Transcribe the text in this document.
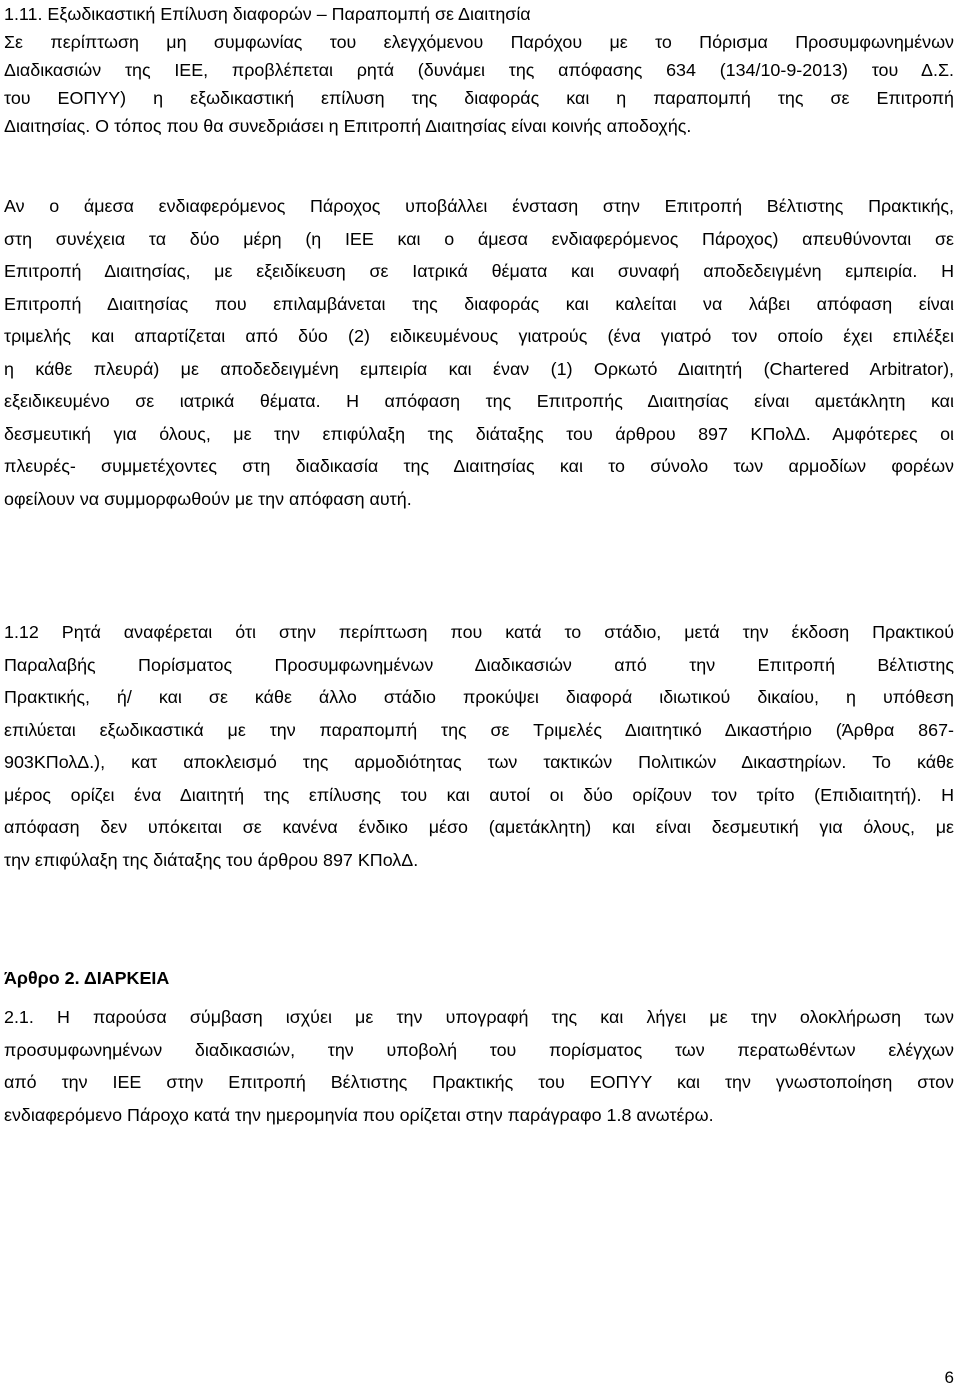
1.11. Εξωδικαστική Επίλυση διαφορών – Παραπομπή σε Διαιτησία
Σε περίπτωση μη συμφωνίας του ελεγχόμενου Παρόχου με το Πόρισμα Προσυμφωνημένων
Διαδικασιών της ΙΕΕ, προβλέπεται ρητά (δυνάμει της απόφασης 634 (134/10-9-2013) του Δ.Σ.
του ΕΟΠΥΥ) η εξωδικαστική επίλυση της διαφοράς και η παραπομπή της σε Επιτροπή
Διαιτησίας. Ο τόπος που θα συνεδριάσει η Επιτροπή Διαιτησίας είναι κοινής αποδοχής.
Αν ο άμεσα ενδιαφερόμενος Πάροχος υποβάλλει ένσταση στην Επιτροπή Βέλτιστης Πρακτικής,
στη συνέχεια τα δύο μέρη (η ΙΕΕ και ο άμεσα ενδιαφερόμενος Πάροχος) απευθύνονται σε
Επιτροπή Διαιτησίας, με εξειδίκευση σε Ιατρικά θέματα και συναφή αποδεδειγμένη εμπειρία. Η
Επιτροπή Διαιτησίας που επιλαμβάνεται της διαφοράς και καλείται να λάβει απόφαση είναι
τριμελής και απαρτίζεται από δύο (2) ειδικευμένους γιατρούς (ένα γιατρό τον οποίο έχει επιλέξει
η κάθε πλευρά) με αποδεδειγμένη εμπειρία και έναν (1) Ορκωτό Διαιτητή (Chartered Arbitrator),
εξειδικευμένο σε ιατρικά θέματα. Η απόφαση της Επιτροπής Διαιτησίας είναι αμετάκλητη και
δεσμευτική για όλους, με την επιφύλαξη της διάταξης του άρθρου 897 ΚΠολΔ. Αμφότερες οι
πλευρές- συμμετέχοντες στη διαδικασία της Διαιτησίας και το σύνολο των αρμοδίων φορέων
οφείλουν να συμμορφωθούν με την απόφαση αυτή.
1.12 Ρητά αναφέρεται ότι στην περίπτωση που κατά το στάδιο, μετά την έκδοση Πρακτικού
Παραλαβής Πορίσματος Προσυμφωνημένων Διαδικασιών από την Επιτροπή Βέλτιστης
Πρακτικής, ή/ και σε κάθε άλλο στάδιο προκύψει διαφορά ιδιωτικού δικαίου, η υπόθεση
επιλύεται εξωδικαστικά με την παραπομπή της σε Τριμελές Διαιτητικό Δικαστήριο (Άρθρα 867-
903ΚΠολΔ.), κατ αποκλεισμό της αρμοδιότητας των τακτικών Πολιτικών Δικαστηρίων. Το κάθε
μέρος ορίζει ένα Διαιτητή της επίλυσης του και αυτοί οι δύο ορίζουν τον τρίτο (Επιδιαιτητή). Η
απόφαση δεν υπόκειται σε κανένα ένδικο μέσο (αμετάκλητη) και είναι δεσμευτική για όλους, με
την επιφύλαξη της διάταξης του άρθρου 897 ΚΠολΔ.
Άρθρο 2. ΔΙΑΡΚΕΙΑ
2.1. Η παρούσα σύμβαση ισχύει με την υπογραφή της και λήγει με την ολοκλήρωση των
προσυμφωνημένων διαδικασιών, την υποβολή του πορίσματος των περατωθέντων ελέγχων
από την ΙΕΕ στην Επιτροπή Βέλτιστης Πρακτικής του ΕΟΠΥΥ και την γνωστοποίηση στον
ενδιαφερόμενο Πάροχο κατά την ημερομηνία που ορίζεται στην παράγραφο 1.8 ανωτέρω.
6
